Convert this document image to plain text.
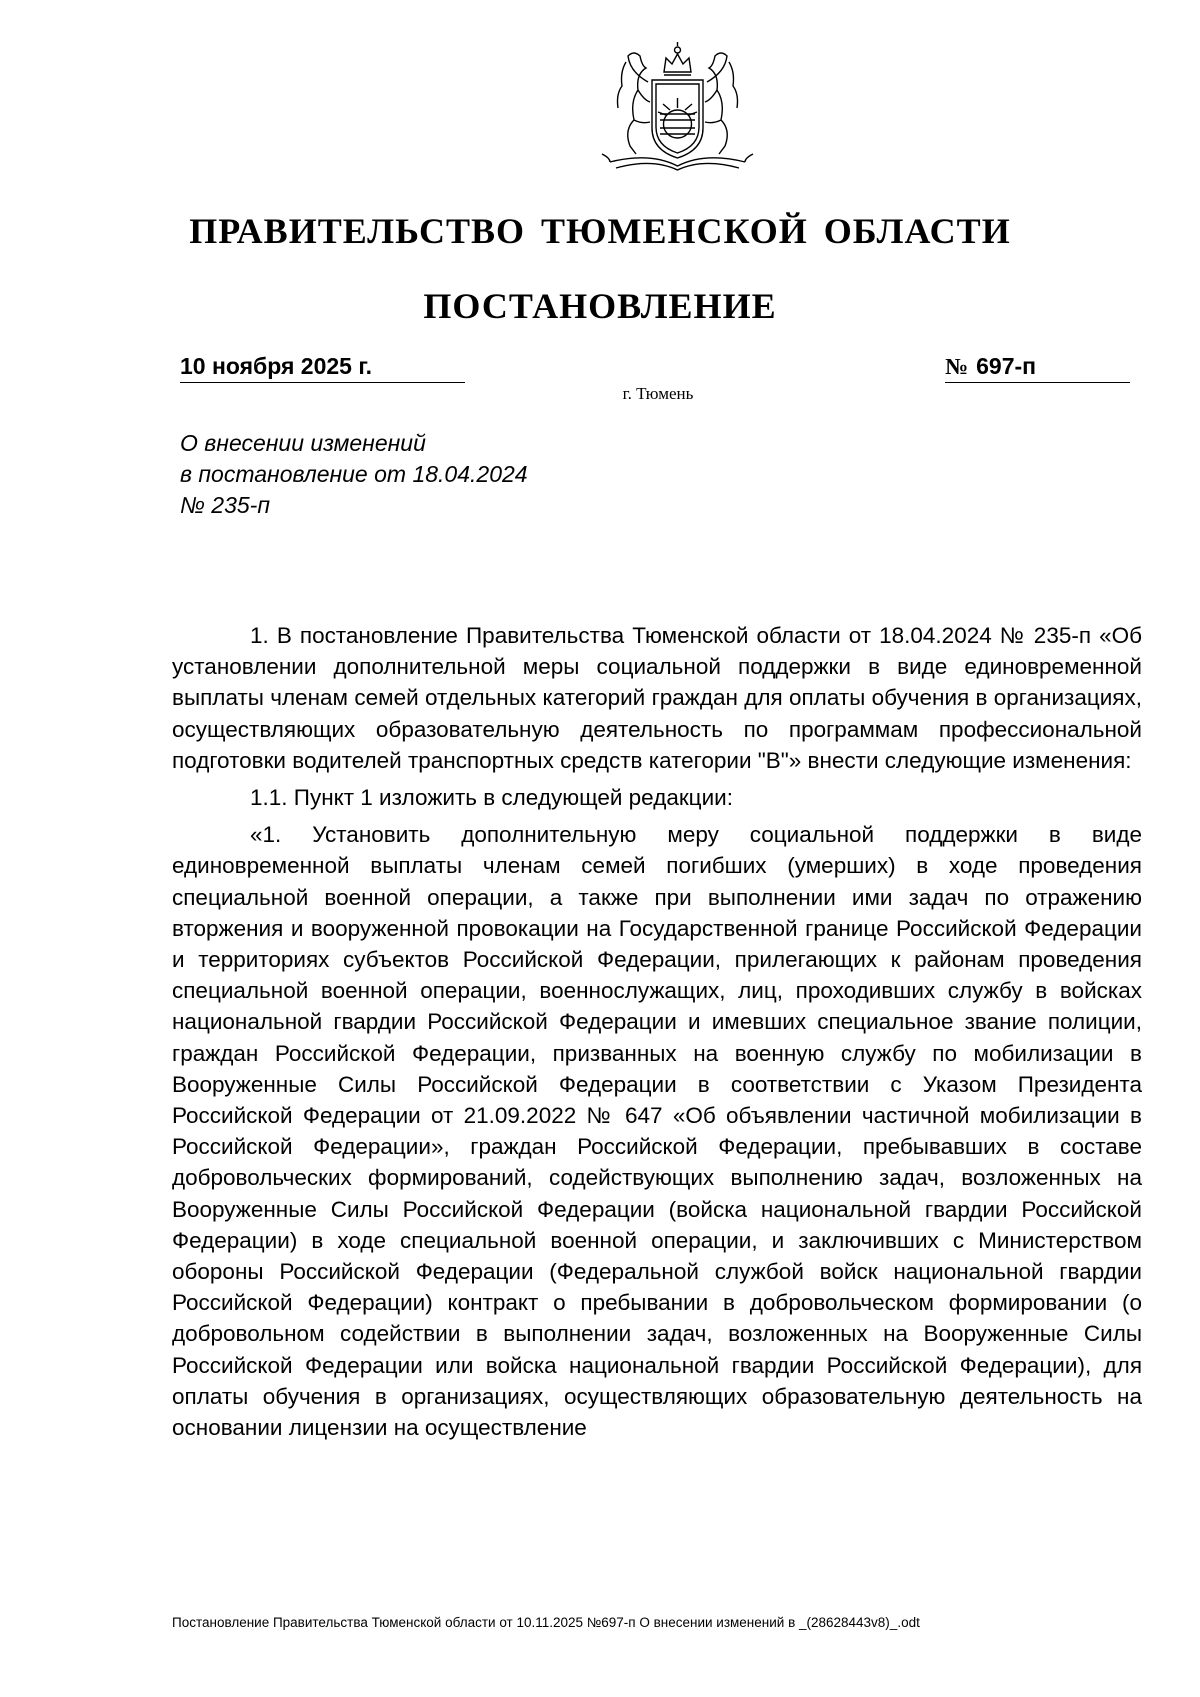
ПРАВИТЕЛЬСТВО ТЮМЕНСКОЙ ОБЛАСТИ
ПОСТАНОВЛЕНИЕ
10 ноября 2025 г.	№ 697-п
г. Тюмень
О внесении изменений
в постановление от 18.04.2024
№ 235-п

1. В постановление Правительства Тюменской области от 18.04.2024 № 235-п «Об установлении дополнительной меры социальной поддержки в виде единовременной выплаты членам семей отдельных категорий граждан для оплаты обучения в организациях, осуществляющих образовательную деятельность по программам профессиональной подготовки водителей транспортных средств категории "B"» внести следующие изменения:

1.1. Пункт 1 изложить в следующей редакции:

«1. Установить дополнительную меру социальной поддержки в виде единовременной выплаты членам семей погибших (умерших) в ходе проведения специальной военной операции, а также при выполнении ими задач по отражению вторжения и вооруженной провокации на Государственной границе Российской Федерации и территориях субъектов Российской Федерации, прилегающих к районам проведения специальной военной операции, военнослужащих, лиц, проходивших службу в войсках национальной гвардии Российской Федерации и имевших специальное звание полиции, граждан Российской Федерации, призванных на военную службу по мобилизации в Вооруженные Силы Российской Федерации в соответствии с Указом Президента Российской Федерации от 21.09.2022 № 647 «Об объявлении частичной мобилизации в Российской Федерации», граждан Российской Федерации, пребывавших в составе добровольческих формирований, содействующих выполнению задач, возложенных на Вооруженные Силы Российской Федерации (войска национальной гвардии Российской Федерации) в ходе специальной военной операции, и заключивших с Министерством обороны Российской Федерации (Федеральной службой войск национальной гвардии Российской Федерации) контракт о пребывании в добровольческом формировании (о добровольном содействии в выполнении задач, возложенных на Вооруженные Силы Российской Федерации или войска национальной гвардии Российской Федерации), для оплаты обучения в организациях, осуществляющих образовательную деятельность на основании лицензии на осуществление

Постановление Правительства Тюменской области от 10.11.2025 №697-п О внесении изменений в _(28628443v8)_.odt
